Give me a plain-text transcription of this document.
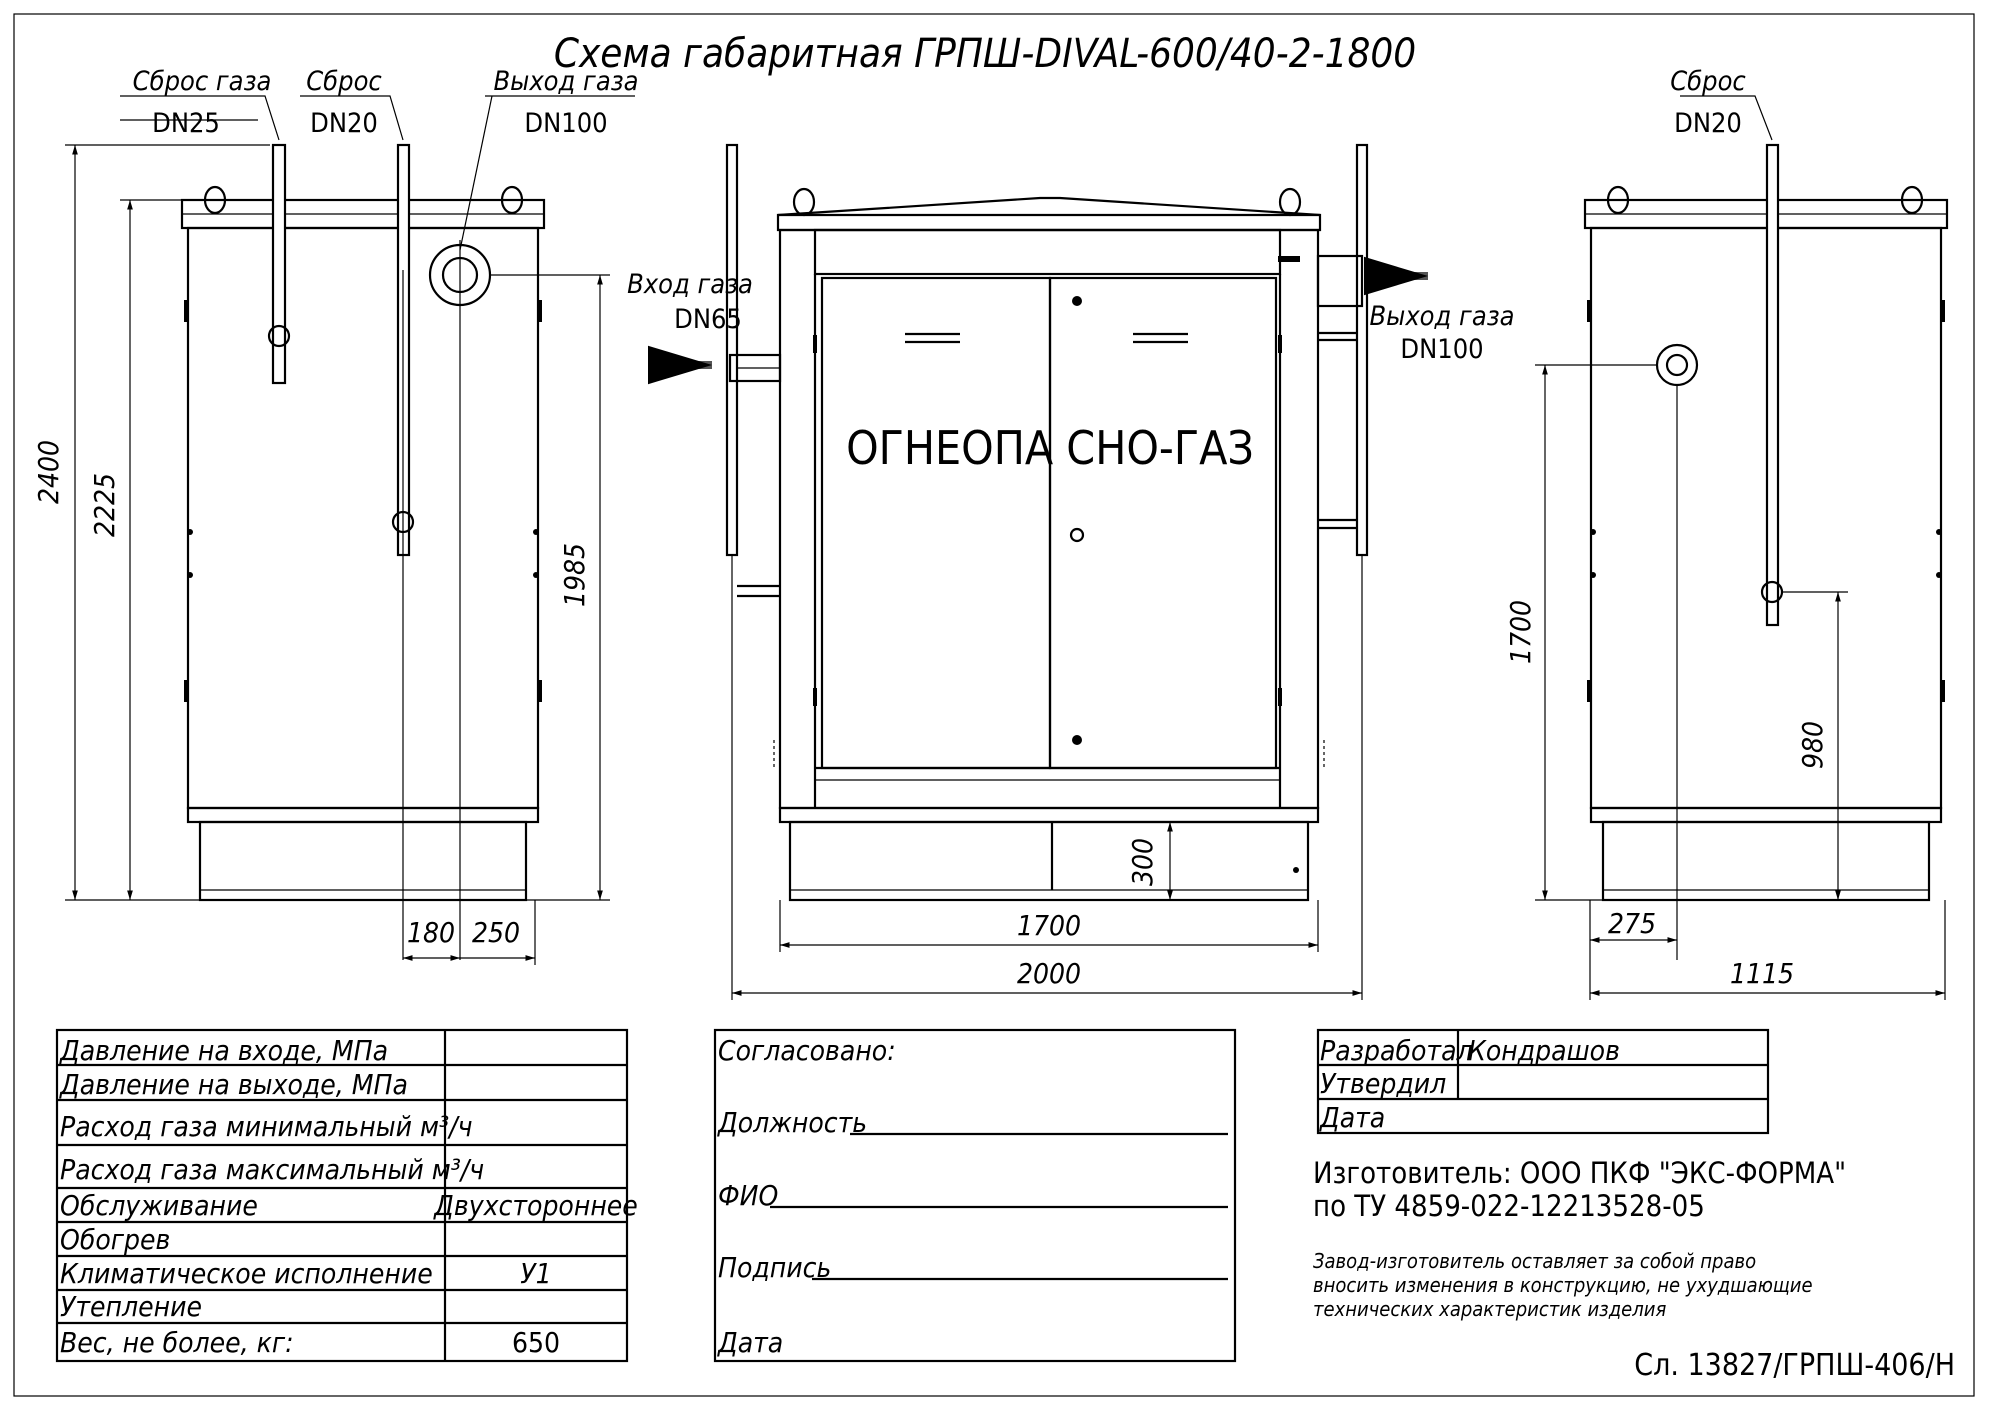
Схема габаритная ГРПШ-DIVAL-600/40-2-1800
Сброс газа
DN25
Сброс
DN20
Выход газа
DN100
2400
2225
1985
180 250
Вход газа
DN65	Выход газа
DN100
ОГНЕОПА СНО-ГАЗ
300
1700
2000
Сброс
DN20
1700
980
275
1115
Давление на входе, МПа
Давление на выходе, МПа
Расход газа минимальный м³/ч
Расход газа максимальный м³/ч
Обслуживание
Обогрев
Климатическое исполнение
Утепление
Вес, не более, кг:
Двухстороннее
У1
650
Согласовано:
Должность
ФИО
Подпись
Дата
Разработал
Кондрашов
Утвердил
Дата
Изготовитель: ООО ПКФ "ЭКС-ФОРМА"
по ТУ 4859-022-12213528-05
Завод-изготовитель оставляет за собой право
вносить изменения в конструкцию, не ухудшающие
технических характеристик изделия
Сл. 13827/ГРПШ-406/Н
